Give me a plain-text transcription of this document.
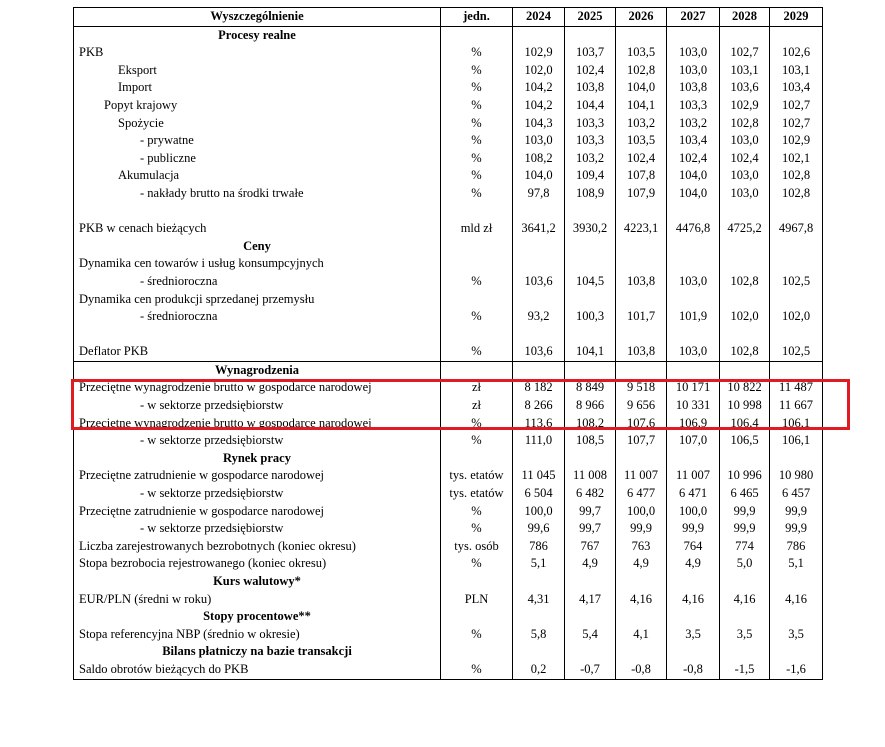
Wyszczególnienie	jedn.	2024	2025	2026	2027	2028	2029
Procesy realne							
PKB	%	102,9	103,7	103,5	103,0	102,7	102,6
Eksport	%	102,0	102,4	102,8	103,0	103,1	103,1
Import	%	104,2	103,8	104,0	103,8	103,6	103,4
Popyt krajowy	%	104,2	104,4	104,1	103,3	102,9	102,7
Spożycie	%	104,3	103,3	103,2	103,2	102,8	102,7
- prywatne	%	103,0	103,3	103,5	103,4	103,0	102,9
- publiczne	%	108,2	103,2	102,4	102,4	102,4	102,1
Akumulacja	%	104,0	109,4	107,8	104,0	103,0	102,8
- nakłady brutto na środki trwałe	%	97,8	108,9	107,9	104,0	103,0	102,8

PKB w cenach bieżących	mld zł	3641,2	3930,2	4223,1	4476,8	4725,2	4967,8
Ceny							
Dynamika cen towarów i usług konsumpcyjnych							
- średnioroczna	%	103,6	104,5	103,8	103,0	102,8	102,5
Dynamika cen produkcji sprzedanej przemysłu							
- średnioroczna	%	93,2	100,3	101,7	101,9	102,0	102,0

Deflator PKB	%	103,6	104,1	103,8	103,0	102,8	102,5
Wynagrodzenia							
Przeciętne wynagrodzenie brutto w gospodarce narodowej	zł	8 182	8 849	9 518	10 171	10 822	11 487
- w sektorze przedsiębiorstw	zł	8 266	8 966	9 656	10 331	10 998	11 667
Przeciętne wynagrodzenie brutto w gospodarce narodowej	%	113,6	108,2	107,6	106,9	106,4	106,1
- w sektorze przedsiębiorstw	%	111,0	108,5	107,7	107,0	106,5	106,1
Rynek pracy							
Przeciętne zatrudnienie w gospodarce narodowej	tys. etatów	11 045	11 008	11 007	11 007	10 996	10 980
- w sektorze przedsiębiorstw	tys. etatów	6 504	6 482	6 477	6 471	6 465	6 457
Przeciętne zatrudnienie w gospodarce narodowej	%	100,0	99,7	100,0	100,0	99,9	99,9
- w sektorze przedsiębiorstw	%	99,6	99,7	99,9	99,9	99,9	99,9
Liczba zarejestrowanych bezrobotnych (koniec okresu)	tys. osób	786	767	763	764	774	786
Stopa bezrobocia rejestrowanego (koniec okresu)	%	5,1	4,9	4,9	4,9	5,0	5,1
Kurs walutowy*							
EUR/PLN (średni w roku)	PLN	4,31	4,17	4,16	4,16	4,16	4,16
Stopy procentowe**							
Stopa referencyjna NBP (średnio w okresie)	%	5,8	5,4	4,1	3,5	3,5	3,5
Bilans płatniczy na bazie transakcji							
Saldo obrotów bieżących do PKB	%	0,2	-0,7	-0,8	-0,8	-1,5	-1,6
